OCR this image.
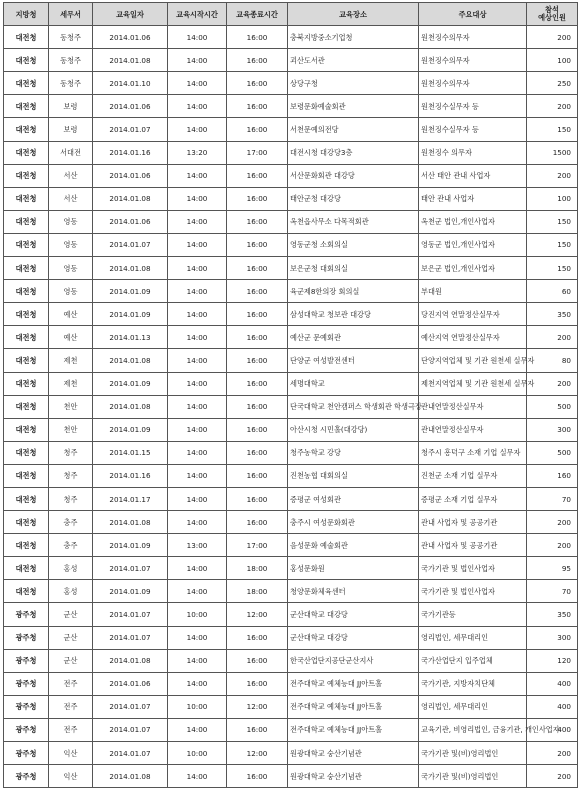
지방청	세무서	교육일자	교육시작시간	교육종료시간	교육장소	주요대상	참석
예상인원
대전청	동청주	2014.01.06	14:00	16:00	충북지방중소기업청	원천징수의무자	200
대전청	동청주	2014.01.08	14:00	16:00	괴산도서관	원천징수의무자	100
대전청	동청주	2014.01.10	14:00	16:00	상당구청	원천징수의무자	250
대전청	보령	2014.01.06	14:00	16:00	보령문화예술회관	원천징수실무자 등	200
대전청	보령	2014.01.07	14:00	16:00	서천문예의전당	원천징수실무자 등	150
대전청	서대전	2014.01.16	13:20	17:00	대전시청 대강당3층	원천징수 의무자	1500
대전청	서산	2014.01.06	14:00	16:00	서산문화회관 대강당	서산 태안 관내 사업자	200
대전청	서산	2014.01.08	14:00	16:00	태안군청 대강당	태안 관내 사업자	100
대전청	영동	2014.01.06	14:00	16:00	옥천읍사무소 다목적회관	옥천군 법인,개인사업자	150
대전청	영동	2014.01.07	14:00	16:00	영동군청 소회의실	영동군 법인,개인사업자	150
대전청	영동	2014.01.08	14:00	16:00	보은군청 대회의실	보은군 법인,개인사업자	150
대전청	영동	2014.01.09	14:00	16:00	육군제8한의장 회의실	부대원	60
대전청	예산	2014.01.09	14:00	16:00	삼성대학교 청보관 대강당	당진지역 연말정산실무자	350
대전청	예산	2014.01.13	14:00	16:00	예산군 문예회관	예산지역 연말정산실무자	200
대전청	제천	2014.01.08	14:00	16:00	단양군 여성발전센터	단양지역업체 및 기관 원천세 실무자	80
대전청	제천	2014.01.09	14:00	16:00	세명대학교	제천지역업체 및 기관 원천세 실무자	200
대전청	천안	2014.01.08	14:00	16:00	단국대학교 천안캠퍼스 학생회관 학생극장	관내연말정산실무자	500
대전청	천안	2014.01.09	14:00	16:00	아산시청 시민홀(대강당)	관내연말정산실무자	300
대전청	청주	2014.01.15	14:00	16:00	청주농학교 강당	청주시 흥덕구 소재 기업 실무자	500
대전청	청주	2014.01.16	14:00	16:00	진천농협 대회의실	진천군 소재 기업 실무자	160
대전청	청주	2014.01.17	14:00	16:00	증평군 여성회관	증평군 소재 기업 실무자	70
대전청	충주	2014.01.08	14:00	16:00	충주시 여성문화회관	관내 사업자 및 공공기관	200
대전청	충주	2014.01.09	13:00	17:00	음성문화 예술회관	관내 사업자 및 공공기관	200
대전청	홍성	2014.01.07	14:00	18:00	홍성문화원	국가기관 및 법인사업자	95
대전청	홍성	2014.01.09	14:00	18:00	청양문화체육센터	국가기관 및 법인사업자	70
광주청	군산	2014.01.07	10:00	12:00	군산대학교 대강당	국가기관등	350
광주청	군산	2014.01.07	14:00	16:00	군산대학교 대강당	영리법인, 세무대리인	300
광주청	군산	2014.01.08	14:00	16:00	한국산업단지공단군산지사	국가산업단지 입주업체	120
광주청	전주	2014.01.06	14:00	16:00	전주대학교 예체능대 JJ아트홀	국가기관, 지방자치단체	400
광주청	전주	2014.01.07	10:00	12:00	전주대학교 예체능대 JJ아트홀	영리법인, 세무대리인	400
광주청	전주	2014.01.07	14:00	16:00	전주대학교 예체능대 JJ아트홀	교육기관, 비영리법인, 금융기관, 개인사업자	400
광주청	익산	2014.01.07	10:00	12:00	원광대학교 숭산기념관	국가기관 및(비)영리법인	200
광주청	익산	2014.01.08	14:00	16:00	원광대학교 숭산기념관	국가기관 및(비)영리법인	200
